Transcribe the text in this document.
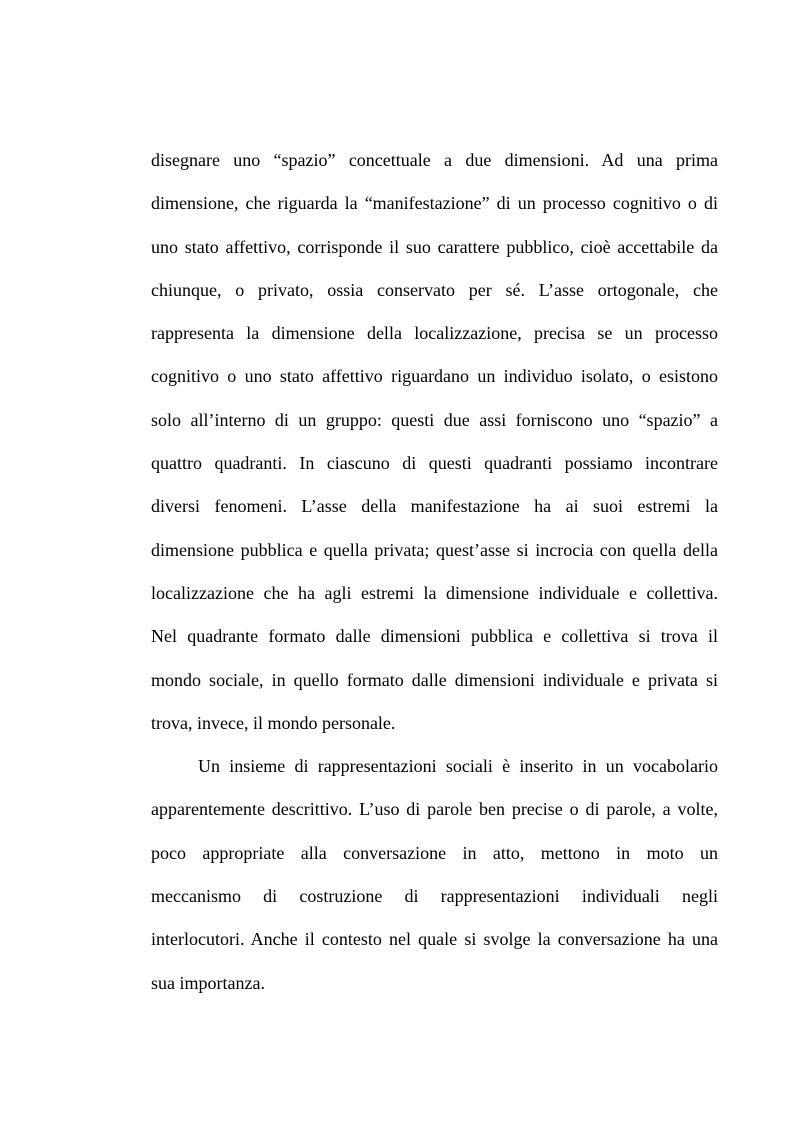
disegnare uno “spazio” concettuale a due dimensioni. Ad una prima
dimensione, che riguarda la “manifestazione” di un processo cognitivo o di
uno stato affettivo, corrisponde il suo carattere pubblico, cioè accettabile da
chiunque, o privato, ossia conservato per sé. L’asse ortogonale, che
rappresenta la dimensione della localizzazione, precisa se un processo
cognitivo o uno stato affettivo riguardano un individuo isolato, o esistono
solo all’interno di un gruppo: questi due assi forniscono uno “spazio” a
quattro quadranti. In ciascuno di questi quadranti possiamo incontrare
diversi fenomeni. L’asse della manifestazione ha ai suoi estremi la
dimensione pubblica e quella privata; quest’asse si incrocia con quella della
localizzazione che ha agli estremi la dimensione individuale e collettiva.
Nel quadrante formato dalle dimensioni pubblica e collettiva si trova il
mondo sociale, in quello formato dalle dimensioni individuale e privata si
trova, invece, il mondo personale.

Un insieme di rappresentazioni sociali è inserito in un vocabolario
apparentemente descrittivo. L’uso di parole ben precise o di parole, a volte,
poco appropriate alla conversazione in atto, mettono in moto un
meccanismo di costruzione di rappresentazioni individuali negli
interlocutori. Anche il contesto nel quale si svolge la conversazione ha una
sua importanza.
